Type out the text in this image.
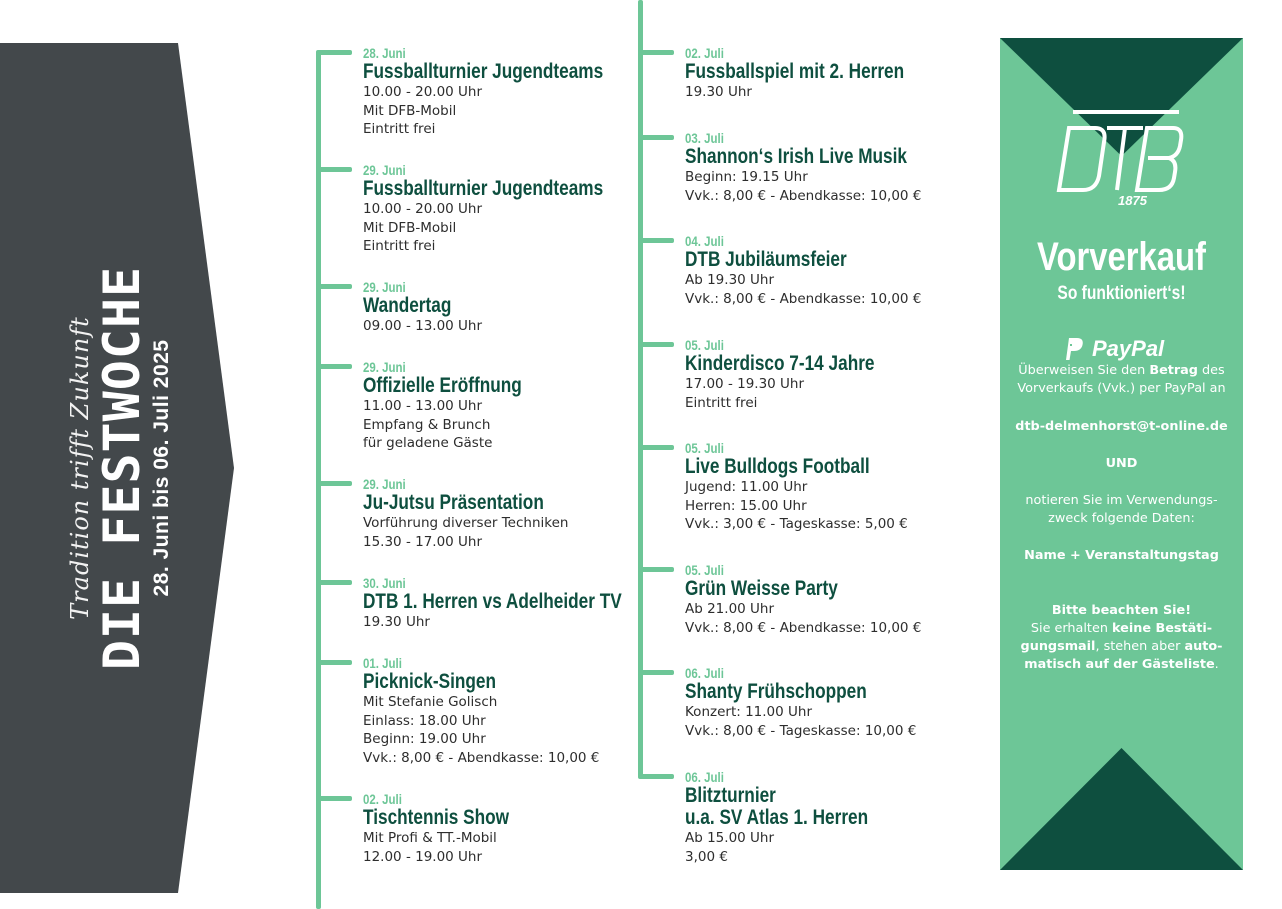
Tradition trifft Zukunft DIE FESTWOCHE 28. Juni bis 06. Juli 2025
28. Juni
Fussballturnier Jugendteams
10.00 - 20.00 Uhr
Mit DFB-Mobil
Eintritt frei
29. Juni
Fussballturnier Jugendteams
10.00 - 20.00 Uhr
Mit DFB-Mobil
Eintritt frei
29. Juni
Wandertag
09.00 - 13.00 Uhr
29. Juni
Offizielle Eröffnung
11.00 - 13.00 Uhr
Empfang & Brunch
für geladene Gäste
29. Juni
Ju-Jutsu Präsentation
Vorführung diverser Techniken
15.30 - 17.00 Uhr
30. Juni
DTB 1. Herren vs Adelheider TV
19.30 Uhr
01. Juli
Picknick-Singen
Mit Stefanie Golisch
Einlass: 18.00 Uhr
Beginn: 19.00 Uhr
Vvk.: 8,00 € - Abendkasse: 10,00 €
02. Juli
Tischtennis Show
Mit Profi & TT.-Mobil
12.00 - 19.00 Uhr
02. Juli
Fussballspiel mit 2. Herren
19.30 Uhr
03. Juli
Shannon‘s Irish Live Musik
Beginn: 19.15 Uhr
Vvk.: 8,00 € - Abendkasse: 10,00 €
04. Juli
DTB Jubiläumsfeier
Ab 19.30 Uhr
Vvk.: 8,00 € - Abendkasse: 10,00 €
05. Juli
Kinderdisco 7-14 Jahre
17.00 - 19.30 Uhr
Eintritt frei
05. Juli
Live Bulldogs Football
Jugend: 11.00 Uhr
Herren: 15.00 Uhr
Vvk.: 3,00 € - Tageskasse: 5,00 €
05. Juli
Grün Weisse Party
Ab 21.00 Uhr
Vvk.: 8,00 € - Abendkasse: 10,00 €
06. Juli
Shanty Frühschoppen
Konzert: 11.00 Uhr
Vvk.: 8,00 € - Tageskasse: 10,00 €
06. Juli
Blitzturnier
u.a. SV Atlas 1. Herren
Ab 15.00 Uhr
3,00 €
1875
Vorverkauf
So funktioniert‘s!
PayPal
Überweisen Sie den Betrag des
Vorverkaufs (Vvk.) per PayPal an
dtb-delmenhorst@t-online.de
UND
notieren Sie im Verwendungs-
zweck folgende Daten:
Name + Veranstaltungstag
Bitte beachten Sie!
Sie erhalten keine Bestäti-
gungsmail, stehen aber auto-
matisch auf der Gästeliste.
